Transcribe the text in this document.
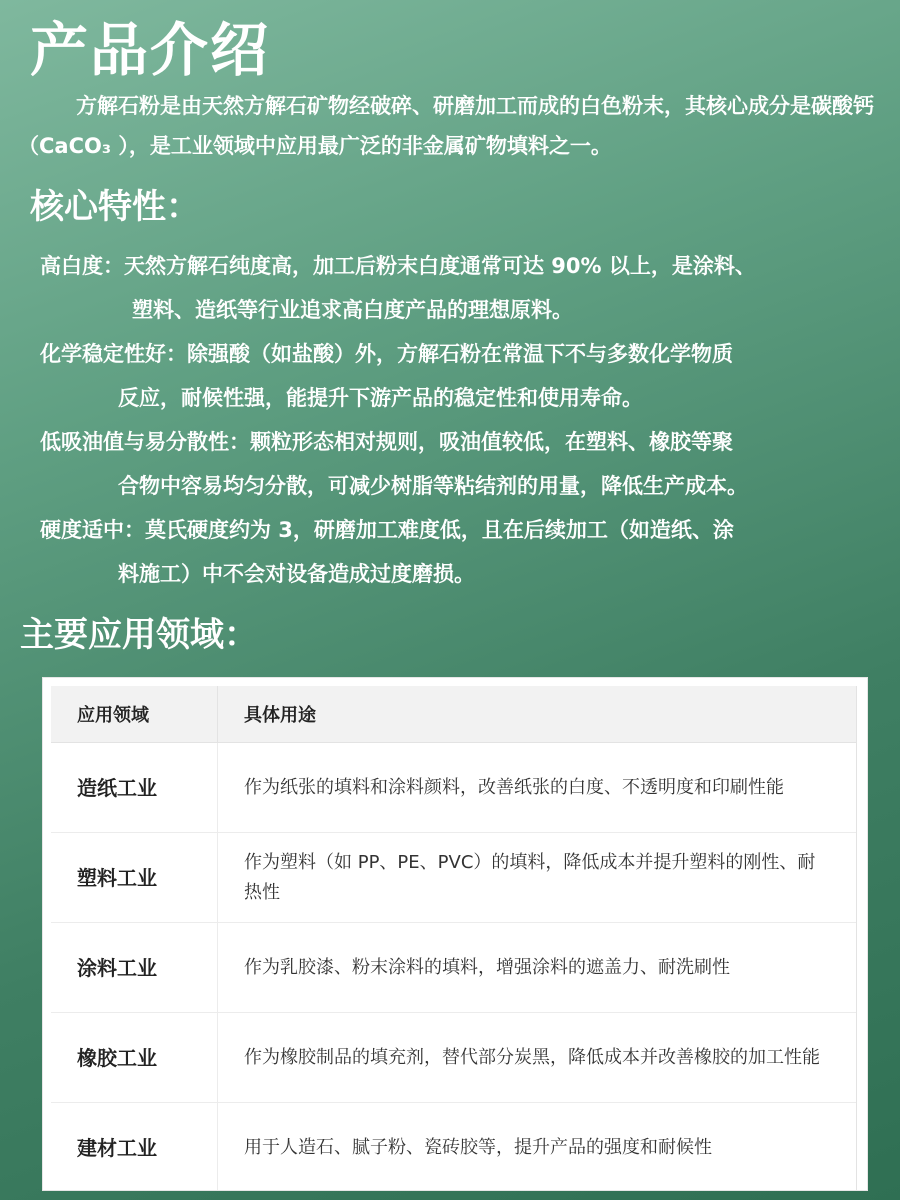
产品介绍

方解石粉是由天然方解石矿物经破碎、研磨加工而成的白色粉末，其核心成分是碳酸钙（CaCO₃ ），是工业领域中应用最广泛的非金属矿物填料之一。

核心特性：
高白度：天然方解石纯度高，加工后粉末白度通常可达 90% 以上，是涂料、
塑料、造纸等行业追求高白度产品的理想原料。
化学稳定性好：除强酸（如盐酸）外，方解石粉在常温下不与多数化学物质
反应，耐候性强，能提升下游产品的稳定性和使用寿命。
低吸油值与易分散性：颗粒形态相对规则，吸油值较低，在塑料、橡胶等聚
合物中容易均匀分散，可减少树脂等粘结剂的用量，降低生产成本。
硬度适中：莫氏硬度约为 3，研磨加工难度低，且在后续加工（如造纸、涂
料施工）中不会对设备造成过度磨损。
主要应用领域：
应用领域	具体用途
造纸工业	作为纸张的填料和涂料颜料，改善纸张的白度、不透明度和印刷性能
塑料工业	作为塑料（如 PP、PE、PVC）的填料，降低成本并提升塑料的刚性、耐热性
涂料工业	作为乳胶漆、粉末涂料的填料，增强涂料的遮盖力、耐洗刷性
橡胶工业	作为橡胶制品的填充剂，替代部分炭黑，降低成本并改善橡胶的加工性能
建材工业	用于人造石、腻子粉、瓷砖胶等，提升产品的强度和耐候性
